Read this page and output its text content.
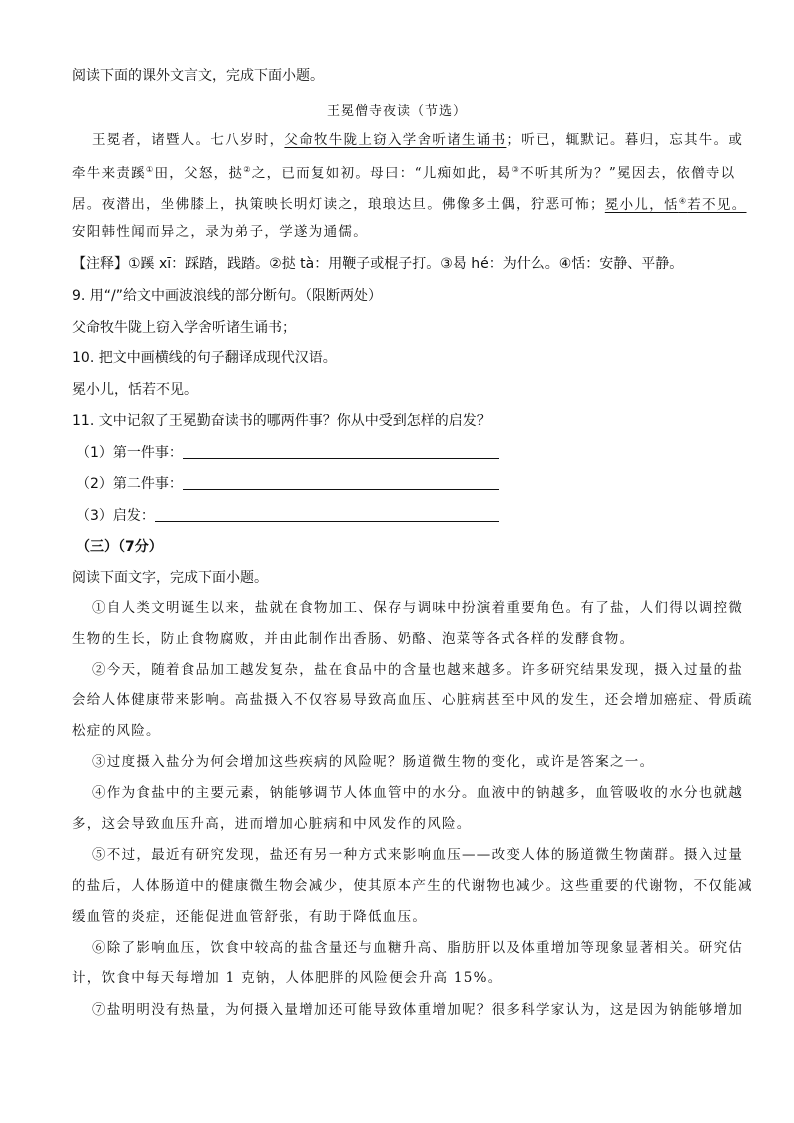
阅读下面的课外文言文，完成下面小题。
王冕僧寺夜读（节选）
王冕者，诸暨人。七八岁时，父命牧牛陇上窃入学舍听诸生诵书；听已，辄默记。暮归，忘其牛。或
牵牛来责蹊①田，父怒，挞②之，已而复如初。母曰：“儿痴如此，曷③不听其所为？”冕因去，依僧寺以
居。夜潜出，坐佛膝上，执策映长明灯读之，琅琅达旦。佛像多土偶，狞恶可怖；冕小儿，恬④若不见。
安阳韩性闻而异之，录为弟子，学遂为通儒。
【注释】①蹊 xī：踩踏，践踏。②挞 tà：用鞭子或棍子打。③曷 hé：为什么。④恬：安静、平静。
9. 用“/”给文中画波浪线的部分断句。（限断两处）
父命牧牛陇上窃入学舍听诸生诵书；
10. 把文中画横线的句子翻译成现代汉语。
冕小儿，恬若不见。
11. 文中记叙了王冕勤奋读书的哪两件事？你从中受到怎样的启发？
（1）第一件事：
（2）第二件事：
（3）启发：
（三）（7分）
阅读下面文字，完成下面小题。
①自人类文明诞生以来，盐就在食物加工、保存与调味中扮演着重要角色。有了盐，人们得以调控微
生物的生长，防止食物腐败，并由此制作出香肠、奶酪、泡菜等各式各样的发酵食物。
②今天，随着食品加工越发复杂，盐在食品中的含量也越来越多。许多研究结果发现，摄入过量的盐
会给人体健康带来影响。高盐摄入不仅容易导致高血压、心脏病甚至中风的发生，还会增加癌症、骨质疏
松症的风险。
③过度摄入盐分为何会增加这些疾病的风险呢？肠道微生物的变化，或许是答案之一。
④作为食盐中的主要元素，钠能够调节人体血管中的水分。血液中的钠越多，血管吸收的水分也就越
多，这会导致血压升高，进而增加心脏病和中风发作的风险。
⑤不过，最近有研究发现，盐还有另一种方式来影响血压——改变人体的肠道微生物菌群。摄入过量
的盐后，人体肠道中的健康微生物会减少，使其原本产生的代谢物也减少。这些重要的代谢物，不仅能减
缓血管的炎症，还能促进血管舒张，有助于降低血压。
⑥除了影响血压，饮食中较高的盐含量还与血糖升高、脂肪肝以及体重增加等现象显著相关。研究估
计，饮食中每天每增加 1 克钠，人体肥胖的风险便会升高 15%。
⑦盐明明没有热量，为何摄入量增加还可能导致体重增加呢？很多科学家认为，这是因为钠能够增加
